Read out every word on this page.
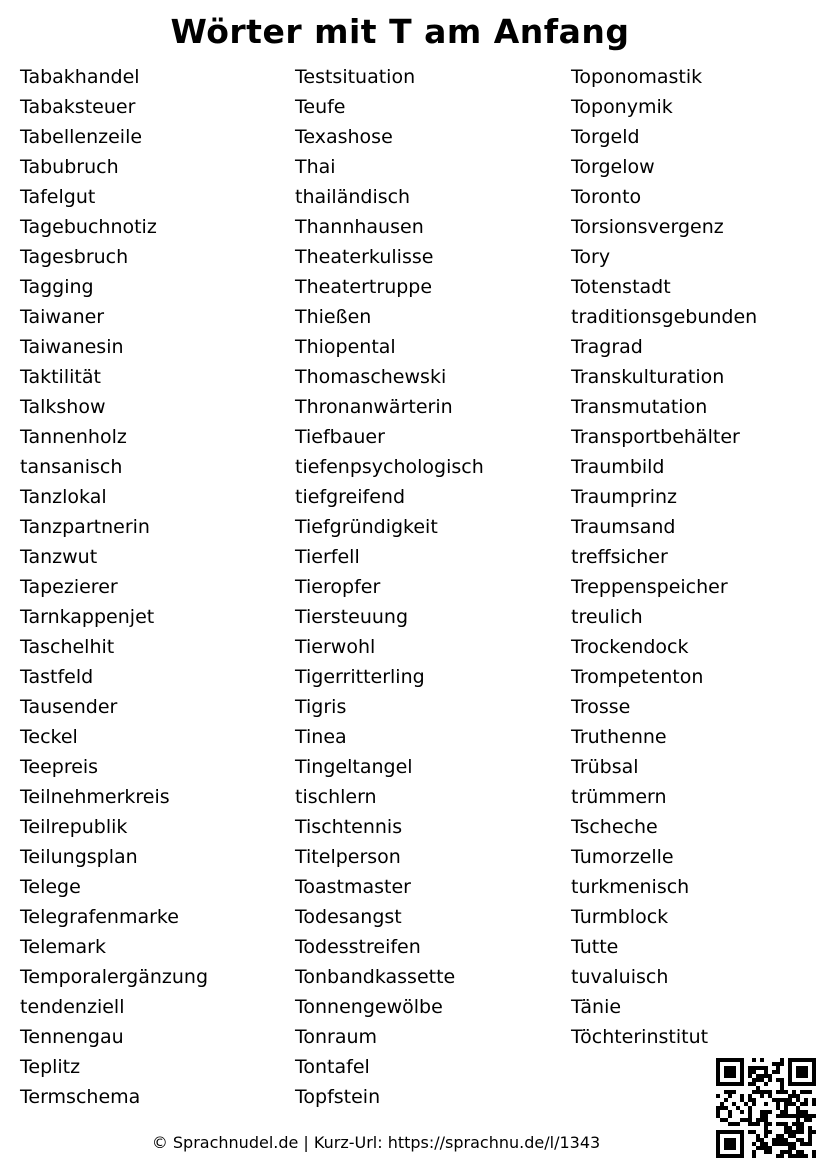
Wörter mit T am Anfang
Tabakhandel
Tabaksteuer
Tabellenzeile
Tabubruch
Tafelgut
Tagebuchnotiz
Tagesbruch
Tagging
Taiwaner
Taiwanesin
Taktilität
Talkshow
Tannenholz
tansanisch
Tanzlokal
Tanzpartnerin
Tanzwut
Tapezierer
Tarnkappenjet
Taschelhit
Tastfeld
Tausender
Teckel
Teepreis
Teilnehmerkreis
Teilrepublik
Teilungsplan
Telege
Telegrafenmarke
Telemark
Temporalergänzung
tendenziell
Tennengau
Teplitz
Termschema
Testsituation
Teufe
Texashose
Thai
thailändisch
Thannhausen
Theaterkulisse
Theatertruppe
Thießen
Thiopental
Thomaschewski
Thronanwärterin
Tiefbauer
tiefenpsychologisch
tiefgreifend
Tiefgründigkeit
Tierfell
Tieropfer
Tiersteuung
Tierwohl
Tigerritterling
Tigris
Tinea
Tingeltangel
tischlern
Tischtennis
Titelperson
Toastmaster
Todesangst
Todesstreifen
Tonbandkassette
Tonnengewölbe
Tonraum
Tontafel
Topfstein
Toponomastik
Toponymik
Torgeld
Torgelow
Toronto
Torsionsvergenz
Tory
Totenstadt
traditionsgebunden
Tragrad
Transkulturation
Transmutation
Transportbehälter
Traumbild
Traumprinz
Traumsand
treffsicher
Treppenspeicher
treulich
Trockendock
Trompetenton
Trosse
Truthenne
Trübsal
trümmern
Tscheche
Tumorzelle
turkmenisch
Turmblock
Tutte
tuvaluisch
Tänie
Töchterinstitut
© Sprachnudel.de | Kurz-Url: https://sprachnu.de/l/1343
